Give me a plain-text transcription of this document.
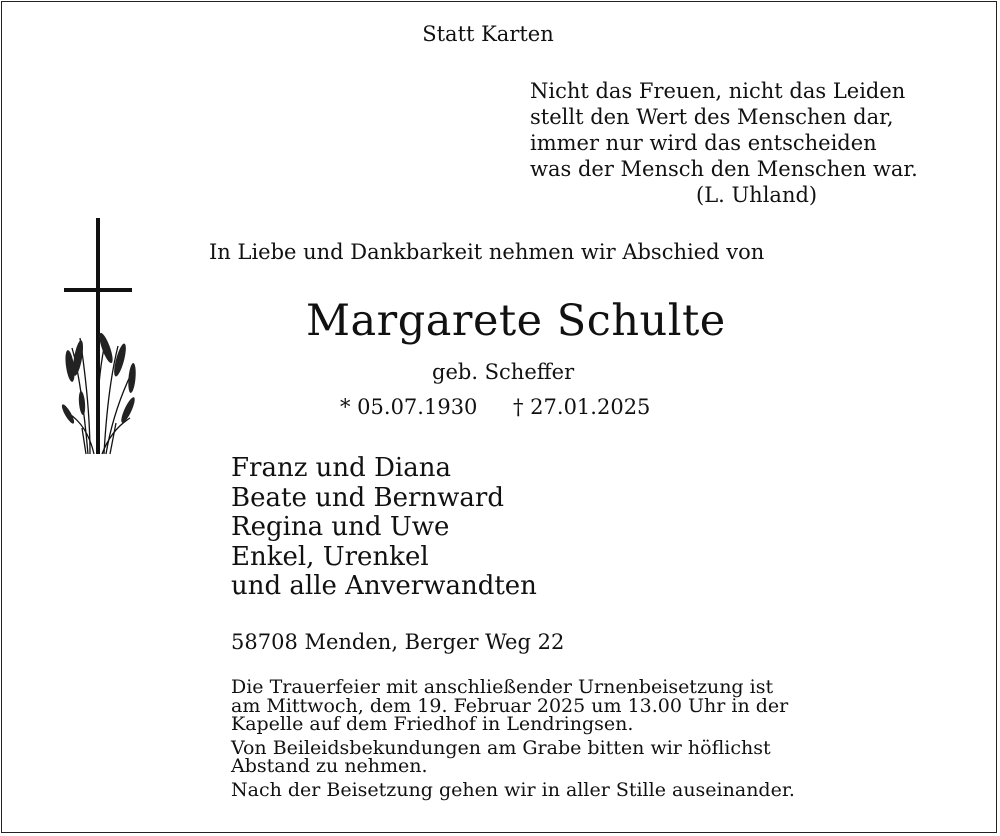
Statt Karten
Nicht das Freuen, nicht das Leiden
stellt den Wert des Menschen dar,
immer nur wird das entscheiden
was der Mensch den Menschen war.
(L. Uhland)
In Liebe und Dankbarkeit nehmen wir Abschied von
Margarete Schulte
geb. Scheffer
* 05.07.1930 † 27.01.2025
Franz und Diana
Beate und Bernward
Regina und Uwe
Enkel, Urenkel
und alle Anverwandten
58708 Menden, Berger Weg 22

Die Trauerfeier mit anschließender Urnenbeisetzung ist
am Mittwoch, dem 19. Februar 2025 um 13.00 Uhr in der
Kapelle auf dem Friedhof in Lendringsen.

Von Beileidsbekundungen am Grabe bitten wir höflichst
Abstand zu nehmen.

Nach der Beisetzung gehen wir in aller Stille auseinander.
